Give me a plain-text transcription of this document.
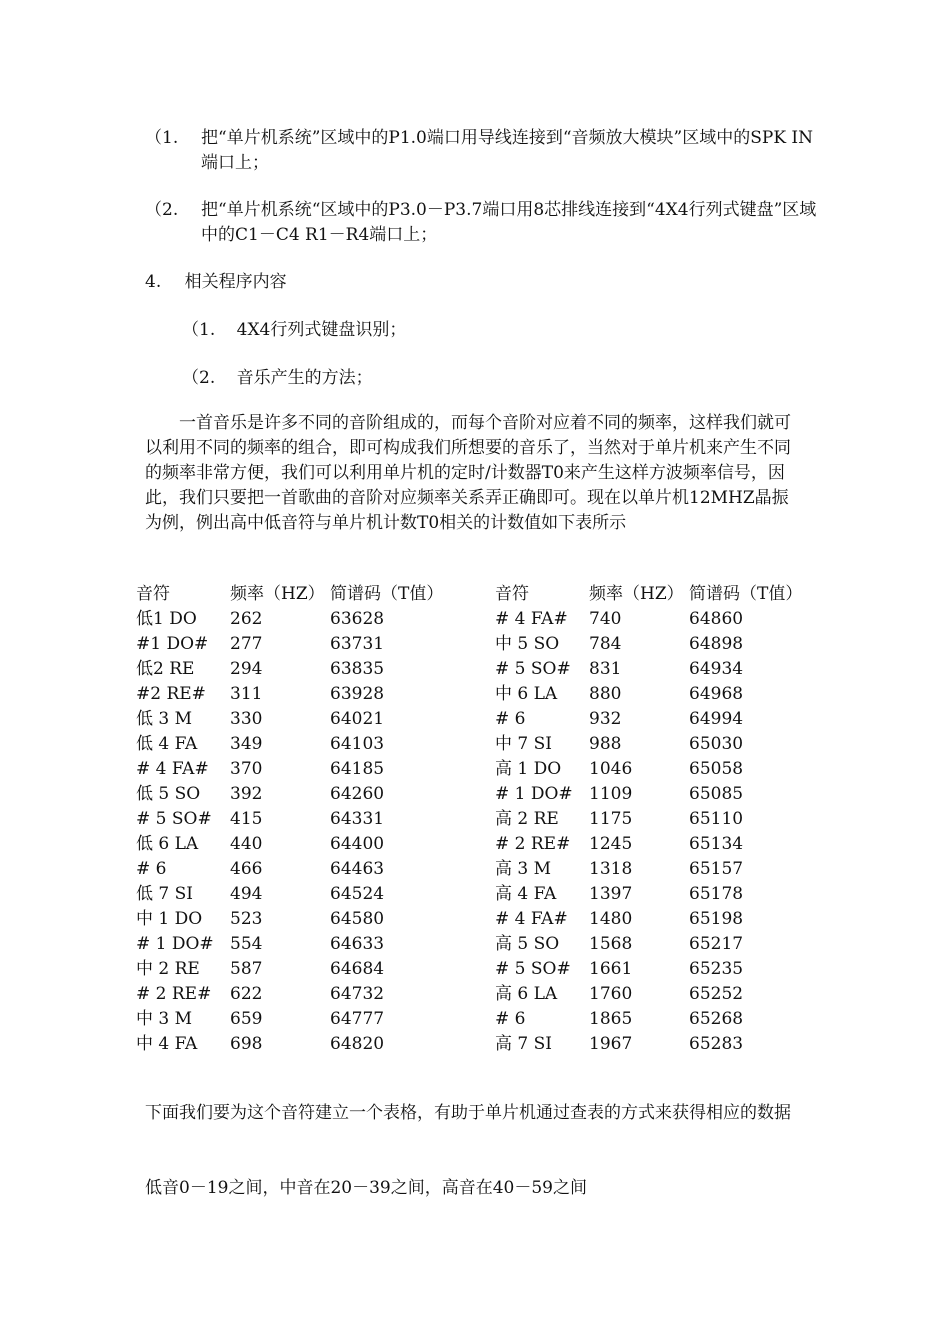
（1. 把“单片机系统”区域中的P1.0端口用导线连接到“音频放大模块”区域中的SPK IN端口上；
（2. 把“单片机系统“区域中的P3.0－P3.7端口用8芯排线连接到“4X4行列式键盘”区域中的C1－C4 R1－R4端口上；
4. 相关程序内容
（1. 4X4行列式键盘识别；
（2. 音乐产生的方法；
一首音乐是许多不同的音阶组成的，而每个音阶对应着不同的频率，这样我们就可以利用不同的频率的组合，即可构成我们所想要的音乐了，当然对于单片机来产生不同的频率非常方便，我们可以利用单片机的定时/计数器T0来产生这样方波频率信号，因此，我们只要把一首歌曲的音阶对应频率关系弄正确即可。现在以单片机12MHZ晶振为例，例出高中低音符与单片机计数T0相关的计数值如下表所示
音符	频率（HZ）	简谱码（T值）	音符	频率（HZ）	简谱码（T值）
低1 DO	262	63628	# 4 FA#	740	64860
#1 DO#	277	63731	中 5 SO	784	64898
低2 RE	294	63835	# 5 SO#	831	64934
#2 RE#	311	63928	中 6 LA	880	64968
低 3 M	330	64021	# 6	932	64994
低 4 FA	349	64103	中 7 SI	988	65030
# 4 FA#	370	64185	高 1 DO	1046	65058
低 5 SO	392	64260	# 1 DO#	1109	65085
# 5 SO#	415	64331	高 2 RE	1175	65110
低 6 LA	440	64400	# 2 RE#	1245	65134
# 6	466	64463	高 3 M	1318	65157
低 7 SI	494	64524	高 4 FA	1397	65178
中 1 DO	523	64580	# 4 FA#	1480	65198
# 1 DO#	554	64633	高 5 SO	1568	65217
中 2 RE	587	64684	# 5 SO#	1661	65235
# 2 RE#	622	64732	高 6 LA	1760	65252
中 3 M	659	64777	# 6	1865	65268
中 4 FA	698	64820	高 7 SI	1967	65283
下面我们要为这个音符建立一个表格，有助于单片机通过查表的方式来获得相应的数据
低音0－19之间，中音在20－39之间，高音在40－59之间
